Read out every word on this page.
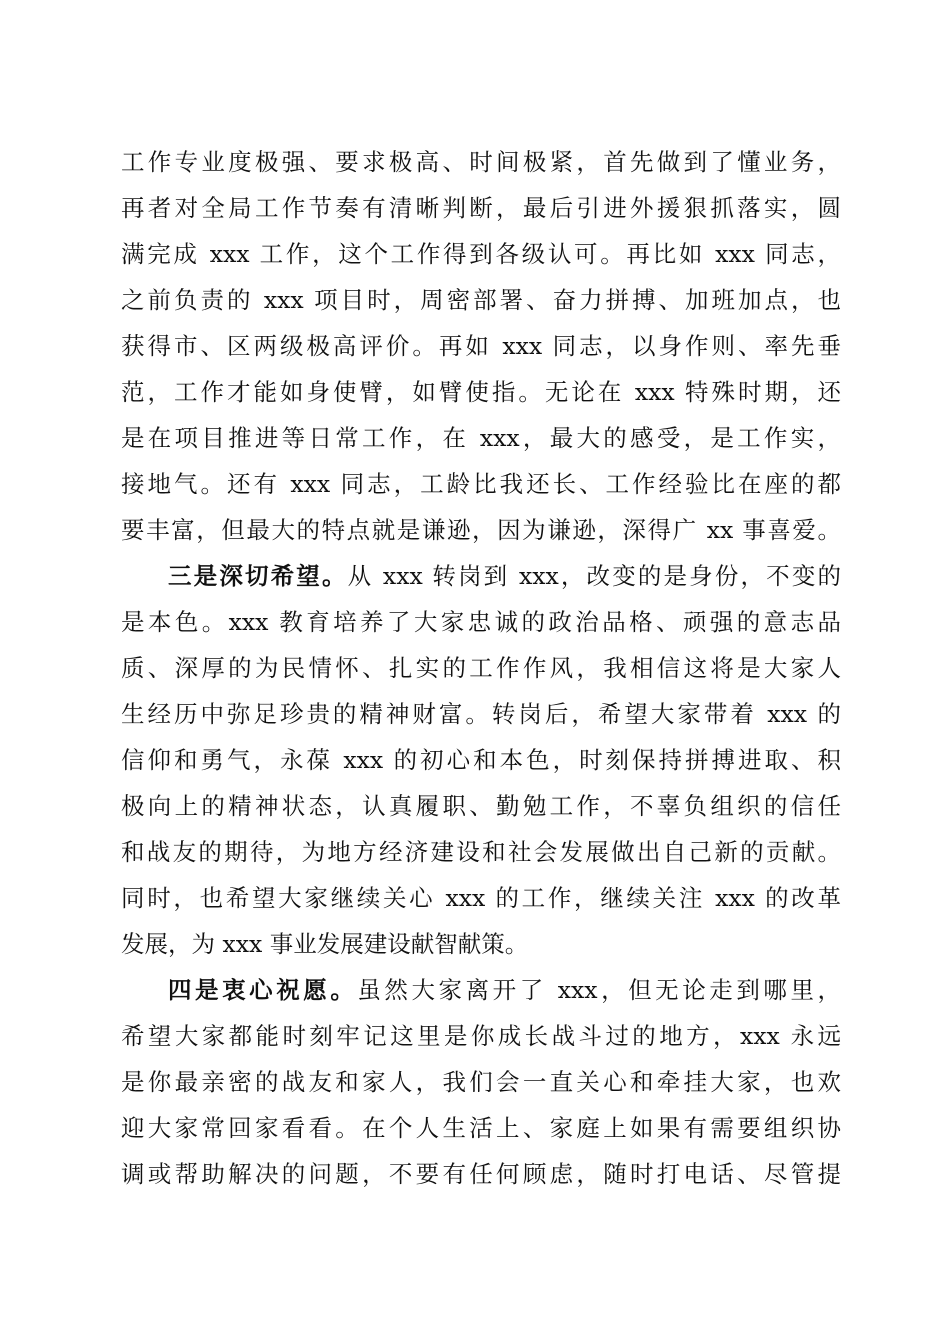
工作专业度极强、要求极高、时间极紧，首先做到了懂业务，
再者对全局工作节奏有清晰判断，最后引进外援狠抓落实，圆
满完成 xxx 工作，这个工作得到各级认可。再比如 xxx 同志，
之前负责的 xxx 项目时，周密部署、奋力拼搏、加班加点，也
获得市、区两级极高评价。再如 xxx 同志，以身作则、率先垂
范，工作才能如身使臂，如臂使指。无论在 xxx 特殊时期，还
是在项目推进等日常工作，在 xxx，最大的感受，是工作实，
接地气。还有 xxx 同志，工龄比我还长、工作经验比在座的都
要丰富，但最大的特点就是谦逊，因为谦逊，深得广 xx 事喜爱。
三是深切希望。从 xxx 转岗到 xxx，改变的是身份，不变的
是本色。xxx 教育培养了大家忠诚的政治品格、顽强的意志品
质、深厚的为民情怀、扎实的工作作风，我相信这将是大家人
生经历中弥足珍贵的精神财富。转岗后，希望大家带着 xxx 的
信仰和勇气，永葆 xxx 的初心和本色，时刻保持拼搏进取、积
极向上的精神状态，认真履职、勤勉工作，不辜负组织的信任
和战友的期待，为地方经济建设和社会发展做出自己新的贡献。
同时，也希望大家继续关心 xxx 的工作，继续关注 xxx 的改革
发展，为 xxx 事业发展建设献智献策。
四是衷心祝愿。虽然大家离开了 xxx，但无论走到哪里，
希望大家都能时刻牢记这里是你成长战斗过的地方，xxx 永远
是你最亲密的战友和家人，我们会一直关心和牵挂大家，也欢
迎大家常回家看看。在个人生活上、家庭上如果有需要组织协
调或帮助解决的问题，不要有任何顾虑，随时打电话、尽管提
